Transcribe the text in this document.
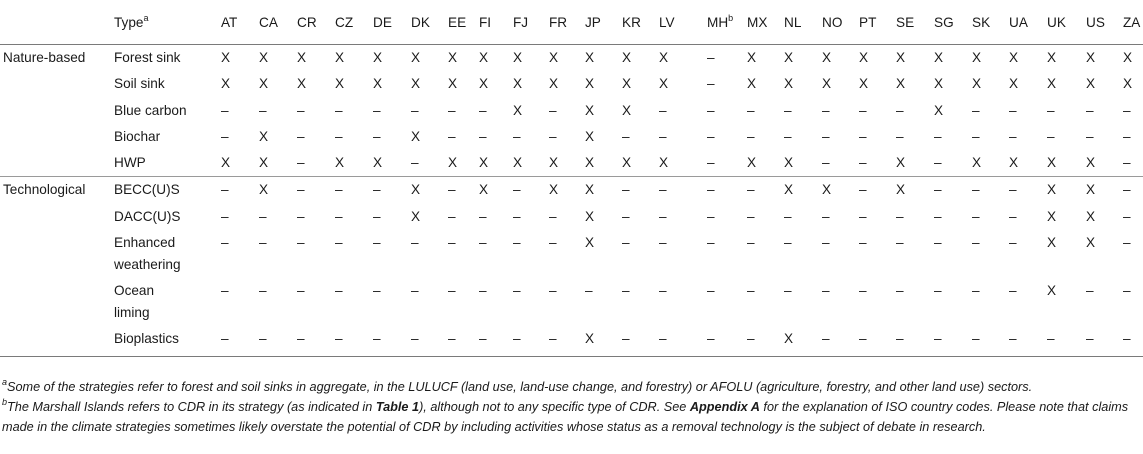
	Type$^a$	AT	CA	CR	CZ	DE	DK	EE	FI	FJ	FR	JP	KR	LV	$MH^b$	MX	NL	NO	PT	SE	SG	SK	UA	UK	US	ZA
Nature-based	Forest sink	X	X	X	X	X	X	X	X	X	X	X	X	X	–	X	X	X	X	X	X	X	X	X	X	X
	Soil sink	X	X	X	X	X	X	X	X	X	X	X	X	X	–	X	X	X	X	X	X	X	X	X	X	X
	Blue carbon	–	–	–	–	–	–	–	–	X	–	X	X	–	–	–	–	–	–	–	X	–	–	–	–	–
	Biochar	–	X	–	–	–	X	–	–	–	–	X	–	–	–	–	–	–	–	–	–	–	–	–	–	–
	HWP	X	X	–	X	X	–	X	X	X	X	X	X	X	–	X	X	–	–	X	–	X	X	X	X	–
Technological	BECC(U)S	–	X	–	–	–	X	–	X	–	X	X	–	–	–	–	X	X	–	X	–	–	–	X	X	–
	DACC(U)S	–	–	–	–	–	X	–	–	–	–	X	–	–	–	–	–	–	–	–	–	–	–	X	X	–

	Enhanced
weathering	–	–	–	–	–	–	–	–	–	–	X	–	–	–	–	–	–	–	–	–	–	–	X	X	–

	Ocean
liming	–	–	–	–	–	–	–	–	–	–	–	–	–	–	–	–	–	–	–	–	–	–	X	–	–
	Bioplastics	–	–	–	–	–	–	–	–	–	–	X	–	–	–	–	X	–	–	–	–	–	–	–	–	–
$^a$Some of the strategies refer to forest and soil sinks in aggregate, in the LULUCF (land use, land-use change, and forestry) or AFOLU (agriculture, forestry, and other land use) sectors.
$^b$The Marshall Islands refers to CDR in its strategy (as indicated in Table 1), although not to any specific type of CDR. See Appendix A for the explanation of ISO country codes. Please note that claims made in the climate strategies sometimes likely overstate the potential of CDR by including activities whose status as a removal technology is the subject of debate in research.
